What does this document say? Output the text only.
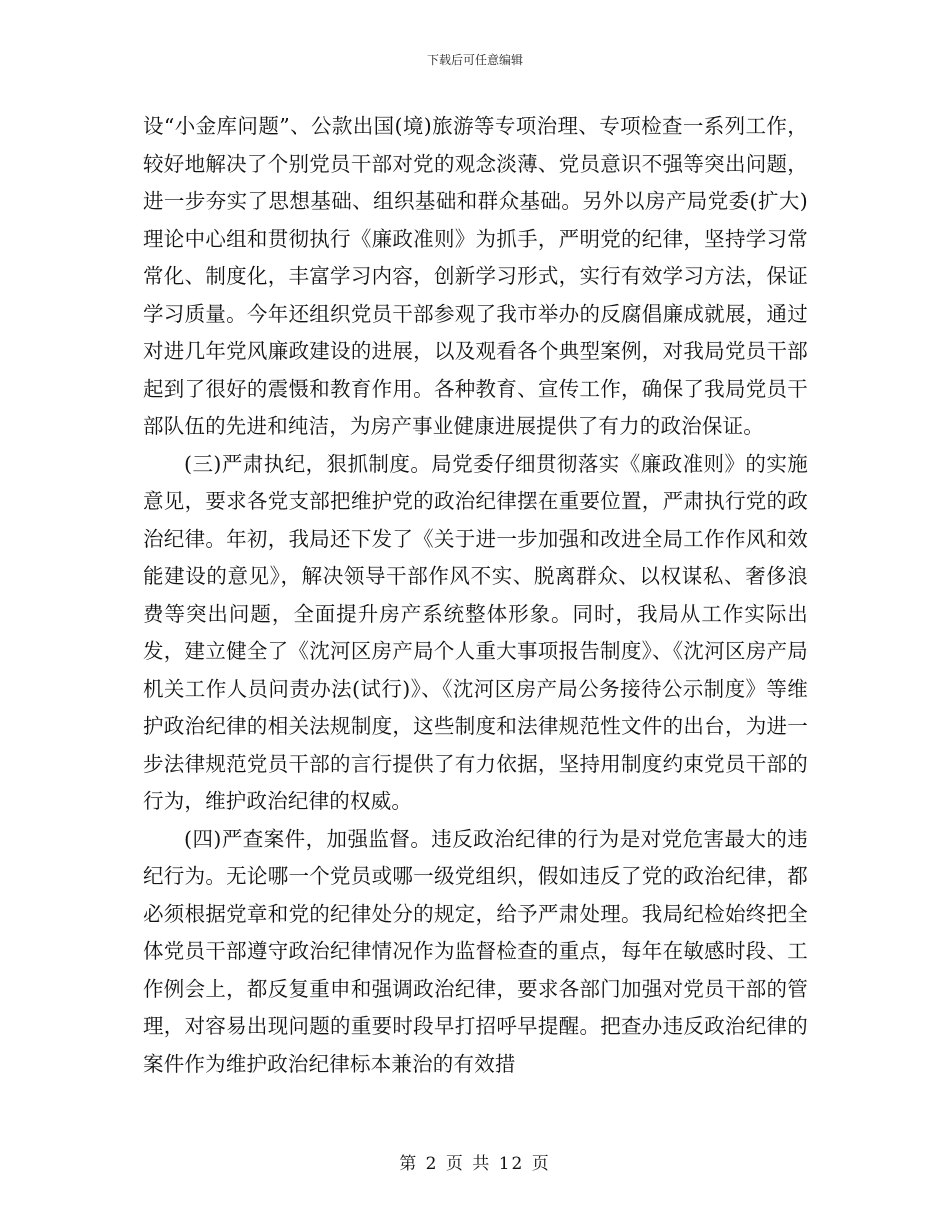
下载后可任意编辑

设“小金库问题”、公款出国(境)旅游等专项治理、专项检查一系列工作，较好地解决了个别党员干部对党的观念淡薄、党员意识不强等突出问题，进一步夯实了思想基础、组织基础和群众基础。另外以房产局党委(扩大)理论中心组和贯彻执行《廉政准则》为抓手，严明党的纪律，坚持学习常常化、制度化，丰富学习内容，创新学习形式，实行有效学习方法，保证学习质量。今年还组织党员干部参观了我市举办的反腐倡廉成就展，通过对进几年党风廉政建设的进展，以及观看各个典型案例，对我局党员干部起到了很好的震慑和教育作用。各种教育、宣传工作，确保了我局党员干部队伍的先进和纯洁，为房产事业健康进展提供了有力的政治保证。

(三)严肃执纪，狠抓制度。局党委仔细贯彻落实《廉政准则》的实施意见，要求各党支部把维护党的政治纪律摆在重要位置，严肃执行党的政治纪律。年初，我局还下发了《关于进一步加强和改进全局工作作风和效能建设的意见》，解决领导干部作风不实、脱离群众、以权谋私、奢侈浪费等突出问题，全面提升房产系统整体形象。同时，我局从工作实际出发，建立健全了《沈河区房产局个人重大事项报告制度》、《沈河区房产局机关工作人员问责办法(试行)》、《沈河区房产局公务接待公示制度》等维护政治纪律的相关法规制度，这些制度和法律规范性文件的出台，为进一步法律规范党员干部的言行提供了有力依据，坚持用制度约束党员干部的行为，维护政治纪律的权威。

(四)严查案件，加强监督。违反政治纪律的行为是对党危害最大的违纪行为。无论哪一个党员或哪一级党组织，假如违反了党的政治纪律，都必须根据党章和党的纪律处分的规定，给予严肃处理。我局纪检始终把全体党员干部遵守政治纪律情况作为监督检查的重点，每年在敏感时段、工作例会上，都反复重申和强调政治纪律，要求各部门加强对党员干部的管理，对容易出现问题的重要时段早打招呼早提醒。把查办违反政治纪律的案件作为维护政治纪律标本兼治的有效措

第 2 页 共 12 页
